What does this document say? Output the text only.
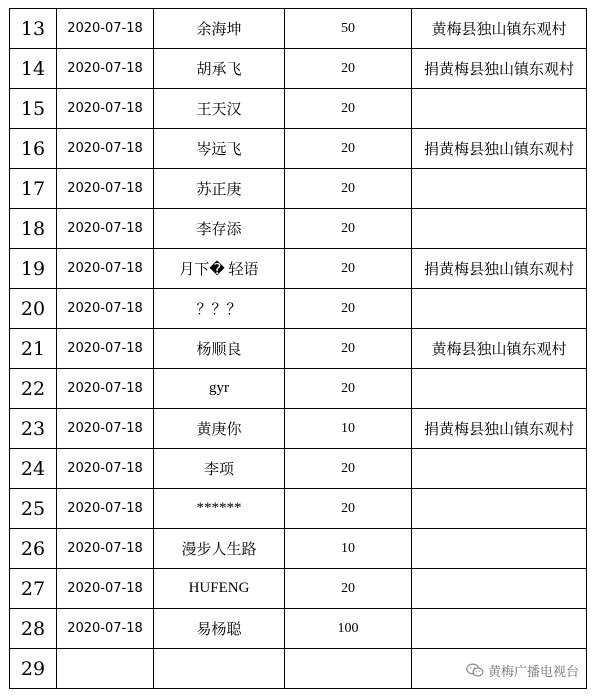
13	2020-07-18	余海坤	50	黄梅县独山镇东观村
14	2020-07-18	胡承飞	20	捐黄梅县独山镇东观村
15	2020-07-18	王天汉	20	
16	2020-07-18	岑远飞	20	捐黄梅县独山镇东观村
17	2020-07-18	苏正庚	20	
18	2020-07-18	李存添	20	
19	2020-07-18	月下� 轻语	20	捐黄梅县独山镇东观村
20	2020-07-18	？？？	20	
21	2020-07-18	杨顺良	20	黄梅县独山镇东观村
22	2020-07-18	gyr	20	
23	2020-07-18	黄庚你	10	捐黄梅县独山镇东观村
24	2020-07-18	李项	20	
25	2020-07-18	******	20	
26	2020-07-18	漫步人生路	10	
27	2020-07-18	HUFENG	20	
28	2020-07-18	易杨聪	100	
29					黄梅广播电视台
